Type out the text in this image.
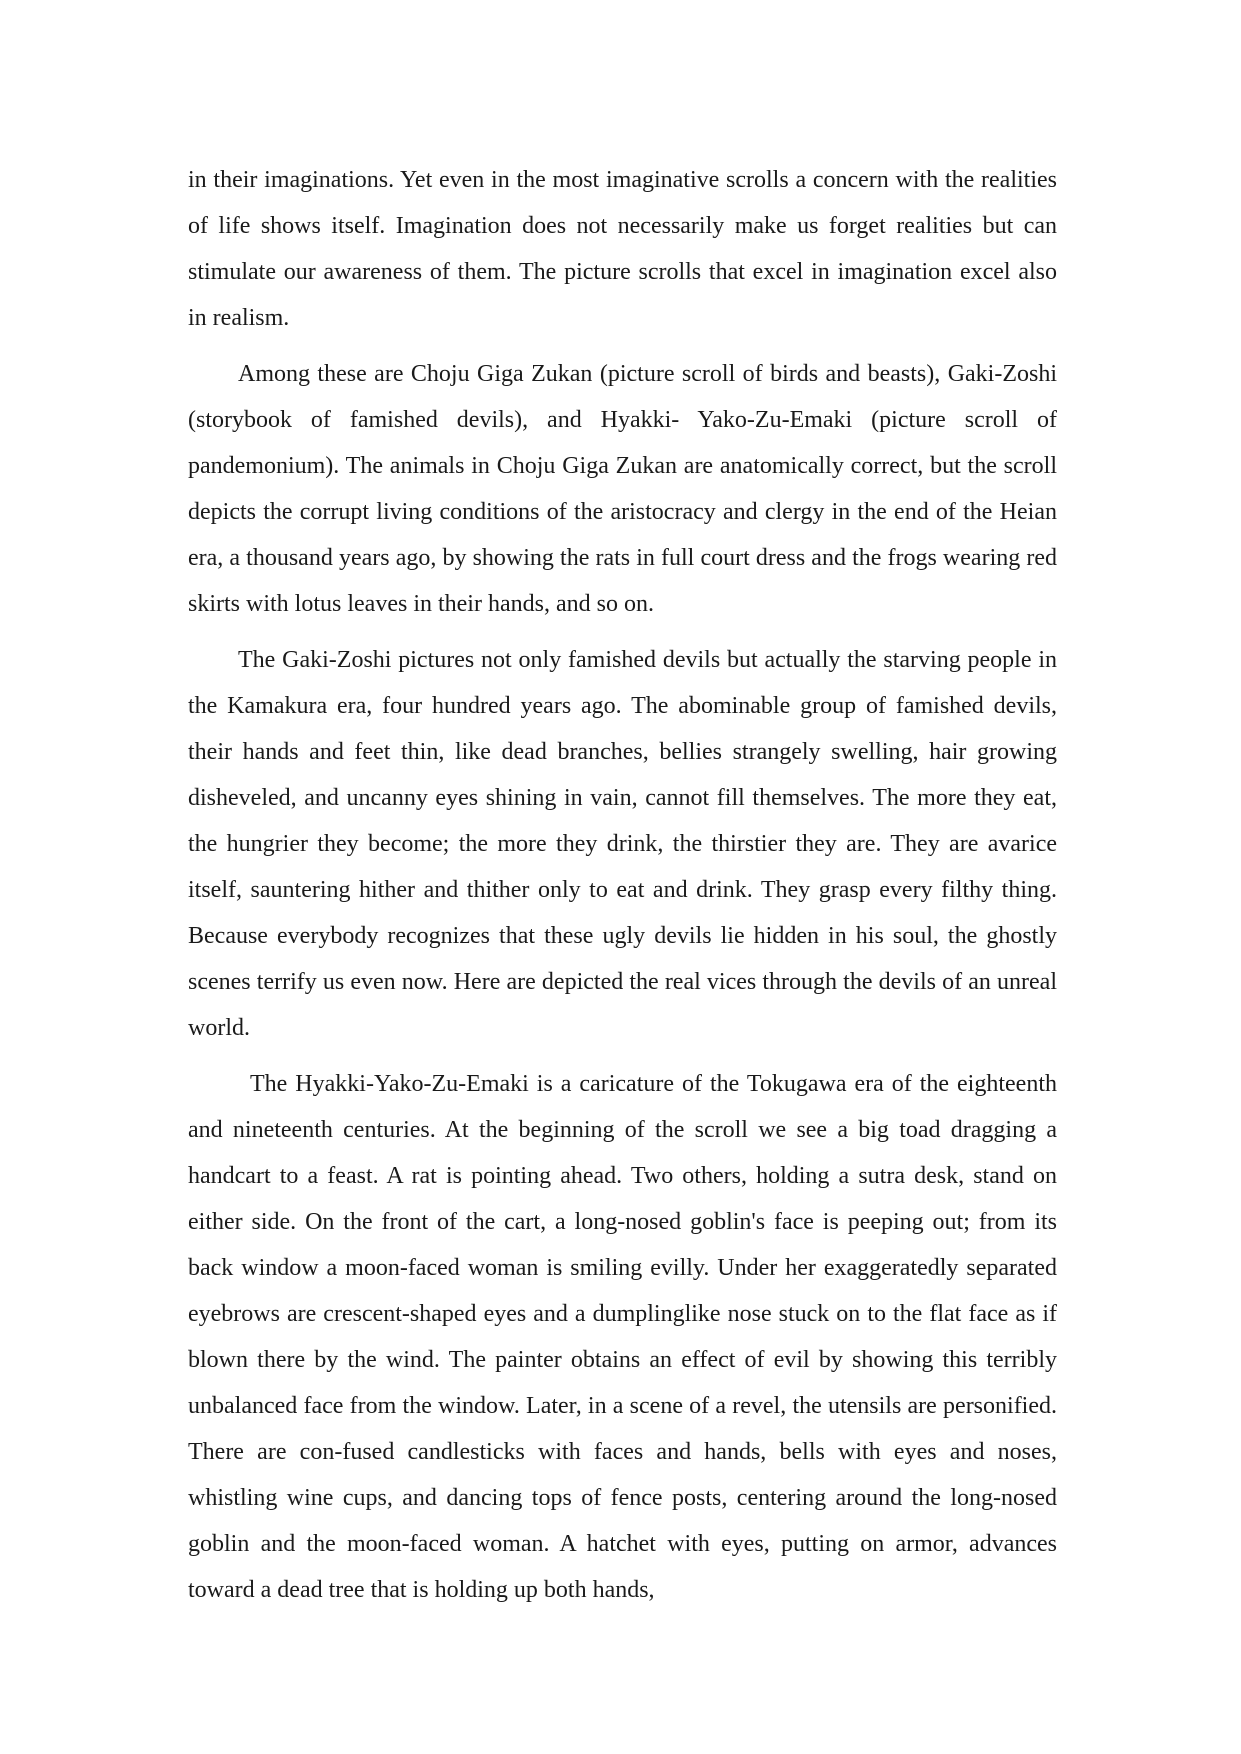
in their imaginations. Yet even in the most imaginative scrolls a concern with the realities of life shows itself. Imagination does not necessarily make us forget realities but can stimulate our awareness of them. The picture scrolls that excel in imagination excel also in realism.

Among these are Choju Giga Zukan (picture scroll of birds and beasts), Gaki-Zoshi (storybook of famished devils), and Hyakki- Yako-Zu-Emaki (picture scroll of pandemonium). The animals in Choju Giga Zukan are anatomically correct, but the scroll depicts the corrupt living conditions of the aristocracy and clergy in the end of the Heian era, a thousand years ago, by showing the rats in full court dress and the frogs wearing red skirts with lotus leaves in their hands, and so on.

The Gaki-Zoshi pictures not only famished devils but actually the starving people in the Kamakura era, four hundred years ago. The abominable group of famished devils, their hands and feet thin, like dead branches, bellies strangely swelling, hair growing disheveled, and uncanny eyes shining in vain, cannot fill themselves. The more they eat, the hungrier they become; the more they drink, the thirstier they are. They are avarice itself, sauntering hither and thither only to eat and drink. They grasp every filthy thing. Because everybody recognizes that these ugly devils lie hidden in his soul, the ghostly scenes terrify us even now. Here are depicted the real vices through the devils of an unreal world.

The Hyakki-Yako-Zu-Emaki is a caricature of the Tokugawa era of the eighteenth and nineteenth centuries. At the beginning of the scroll we see a big toad dragging a handcart to a feast. A rat is pointing ahead. Two others, holding a sutra desk, stand on either side. On the front of the cart, a long-nosed goblin's face is peeping out; from its back window a moon-faced woman is smiling evilly. Under her exaggeratedly separated eyebrows are crescent-shaped eyes and a dumplinglike nose stuck on to the flat face as if blown there by the wind. The painter obtains an effect of evil by showing this terribly unbalanced face from the window. Later, in a scene of a revel, the utensils are personified. There are con-fused candlesticks with faces and hands, bells with eyes and noses, whistling wine cups, and dancing tops of fence posts, centering around the long-nosed goblin and the moon-faced woman. A hatchet with eyes, putting on armor, advances toward a dead tree that is holding up both hands,
